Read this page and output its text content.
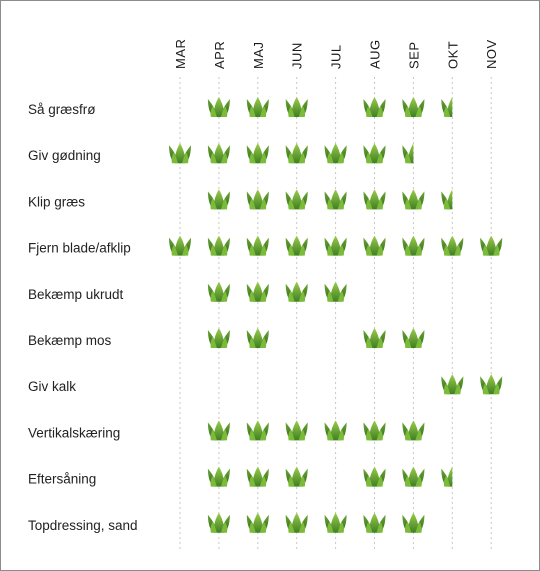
MAR APR MAJ JUN JUL AUG SEP OKT NOV
Så græsfrø
Giv gødning
Klip græs
Fjern blade/afklip
Bekæmp ukrudt
Bekæmp mos
Giv kalk
Vertikalskæring
Eftersåning
Topdressing, sand
